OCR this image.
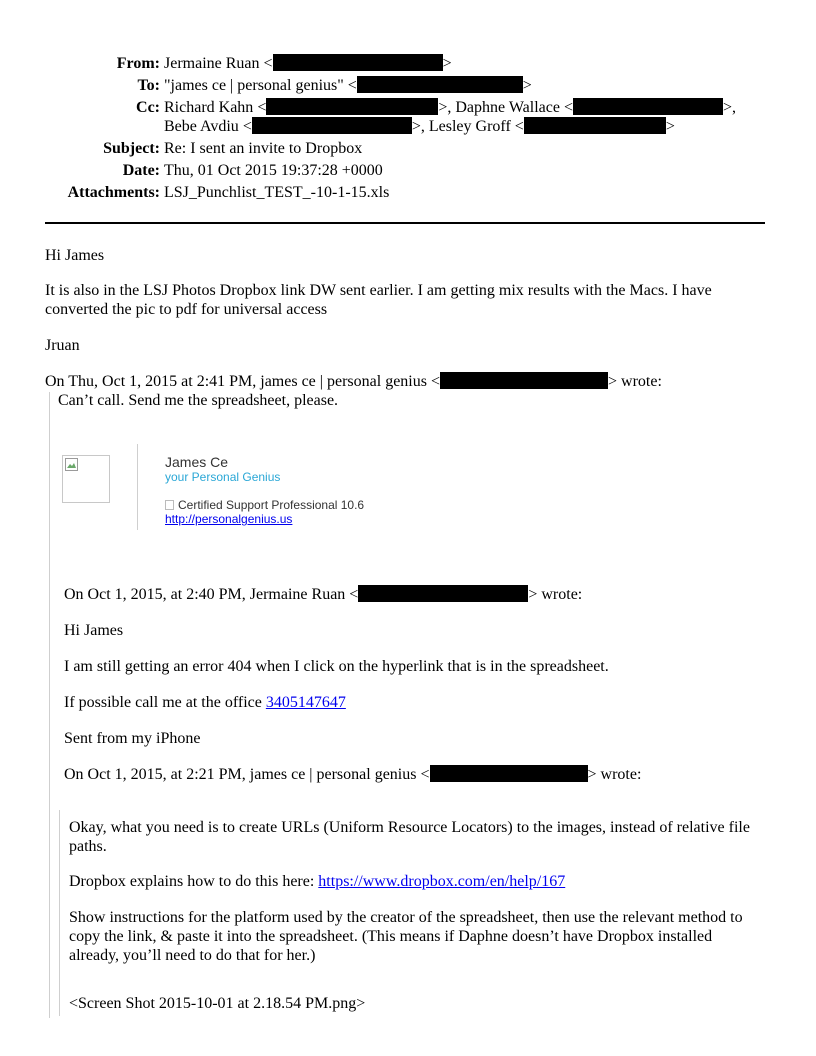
From: Jermaine Ruan <	>
To: "james ce | personal genius" <	>
Cc: Richard Kahn <	>, Daphne Wallace <	>,
Bebe Avdiu <	>, Lesley Groff <	>
Subject: Re: I sent an invite to Dropbox
Date: Thu, 01 Oct 2015 19:37:28 +0000
Attachments: LSJ_Punchlist_TEST_-10-1-15.xls
Hi James
It is also in the LSJ Photos Dropbox link DW sent earlier. I am getting mix results with the Macs. I have
converted the pic to pdf for universal access
Jruan
On Thu, Oct 1, 2015 at 2:41 PM, james ce | personal genius <	> wrote:
Can’t call. Send me the spreadsheet, please.
James Ce
your Personal Genius
Certified Support Professional 10.6
http://personalgenius.us
On Oct 1, 2015, at 2:40 PM, Jermaine Ruan <	> wrote:
Hi James
I am still getting an error 404 when I click on the hyperlink that is in the spreadsheet.
If possible call me at the office 3405147647
Sent from my iPhone
On Oct 1, 2015, at 2:21 PM, james ce | personal genius <	> wrote:
Okay, what you need is to create URLs (Uniform Resource Locators) to the images, instead of relative file
paths.
Dropbox explains how to do this here: https://www.dropbox.com/en/help/167
Show instructions for the platform used by the creator of the spreadsheet, then use the relevant method to
copy the link, & paste it into the spreadsheet. (This means if Daphne doesn’t have Dropbox installed
already, you’ll need to do that for her.)
<Screen Shot 2015-10-01 at 2.18.54 PM.png>
